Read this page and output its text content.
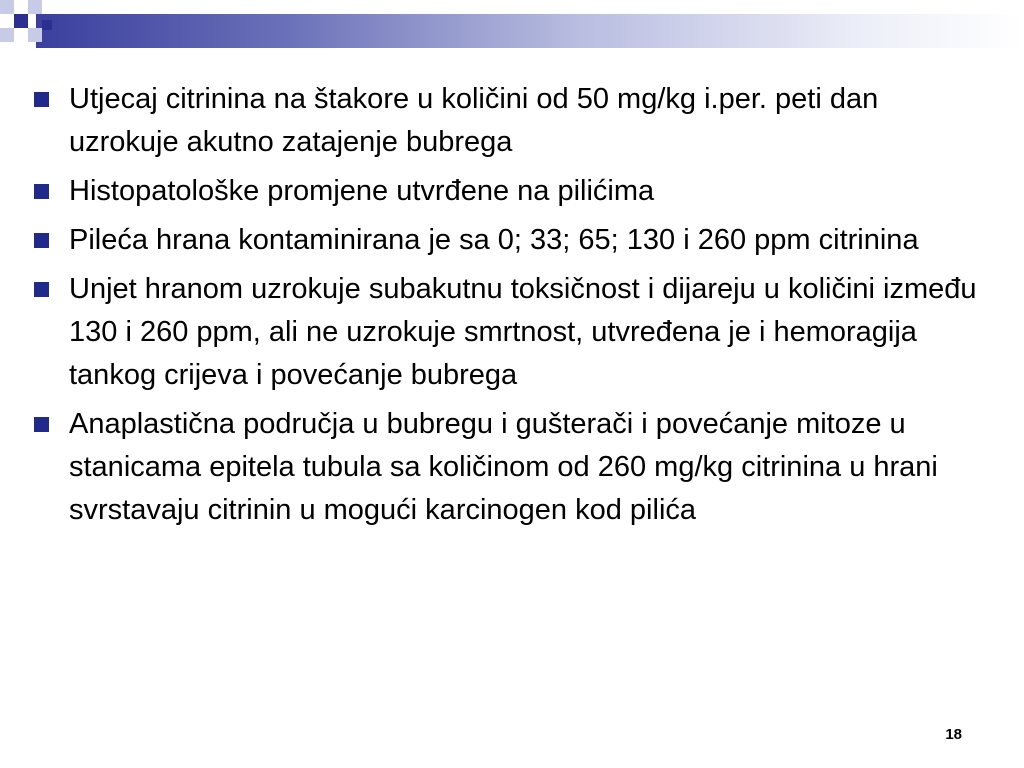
Utjecaj citrinina na štakore u količini od 50 mg/kg i.per. peti dan uzrokuje akutno zatajenje bubrega
Histopatološke promjene utvrđene na pilićima
Pileća hrana kontaminirana je sa 0; 33; 65; 130 i 260 ppm citrinina
Unjet hranom uzrokuje subakutnu toksičnost i dijareju u količini između 130 i 260 ppm, ali ne uzrokuje smrtnost, utvređena je i hemoragija tankog crijeva i povećanje bubrega
Anaplastična područja u bubregu i gušterači i povećanje mitoze u stanicama epitela tubula sa količinom od 260 mg/kg citrinina u hrani svrstavaju citrinin u mogući karcinogen kod pilića
18
